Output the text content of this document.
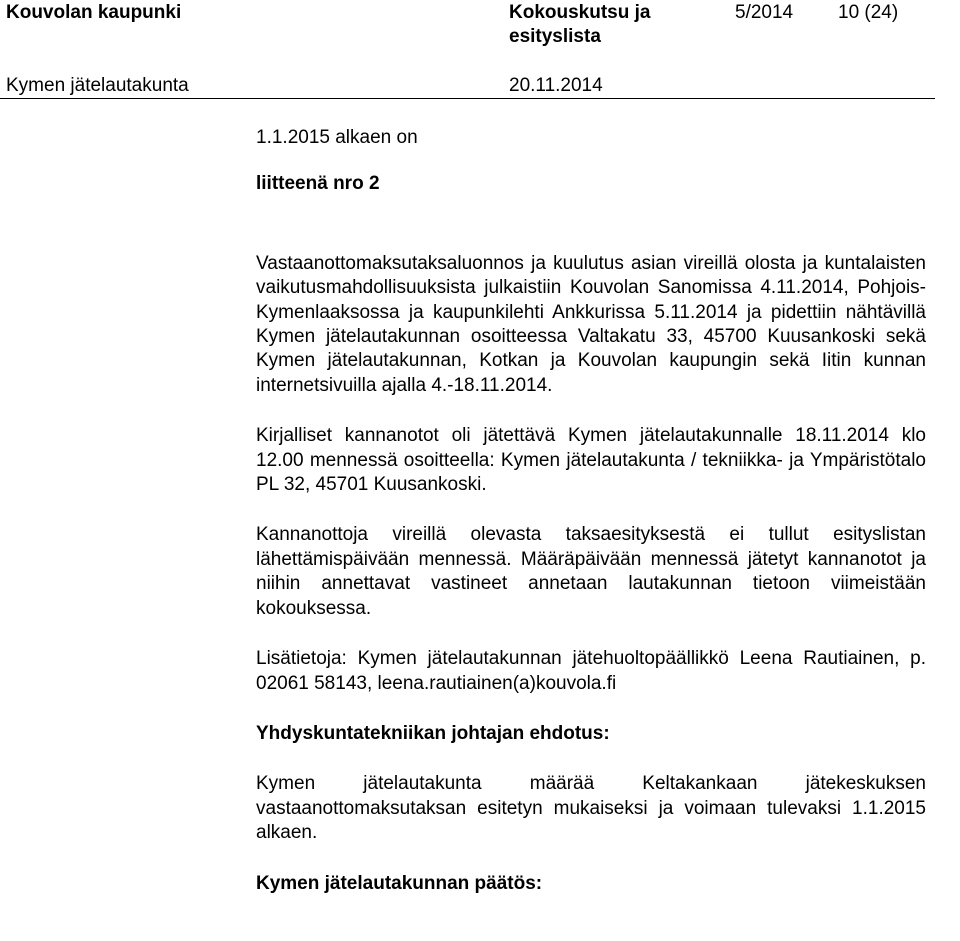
Kouvolan kaupunki	Kokouskutsu ja esityslista
5/2014 10 (24)
Kymen jätelautakunta	20.11.2014

1.1.2015 alkaen on

liitteenä nro 2

Vastaanottomaksutaksaluonnos ja kuulutus asian vireillä olosta ja kuntalaisten vaikutusmahdollisuuksista julkaistiin Kouvolan Sanomissa 4.11.2014, Pohjois-Kymenlaaksossa ja kaupunkilehti Ankkurissa 5.11.2014 ja pidettiin nähtävillä Kymen jätelautakunnan osoitteessa Valtakatu 33, 45700 Kuusankoski sekä Kymen jätelautakunnan, Kotkan ja Kouvolan kaupungin sekä Iitin kunnan internetsivuilla ajalla 4.-18.11.2014.

Kirjalliset kannanotot oli jätettävä Kymen jätelautakunnalle 18.11.2014 klo 12.00 mennessä osoitteella: Kymen jätelautakunta / tekniikka- ja Ympäristötalo PL 32, 45701 Kuusankoski.

Kannanottoja vireillä olevasta taksaesityksestä ei tullut esityslistan lähettämispäivään mennessä. Määräpäivään mennessä jätetyt kannanotot ja niihin annettavat vastineet annetaan lautakunnan tietoon viimeistään kokouksessa.

Lisätietoja: Kymen jätelautakunnan jätehuoltopäällikkö Leena Rautiainen, p. 02061 58143, leena.rautiainen(a)kouvola.fi

Yhdyskuntatekniikan johtajan ehdotus:

Kymen jätelautakunta määrää Keltakankaan jätekeskuksen vastaanottomaksutaksan esitetyn mukaiseksi ja voimaan tulevaksi 1.1.2015 alkaen.

Kymen jätelautakunnan päätös:
